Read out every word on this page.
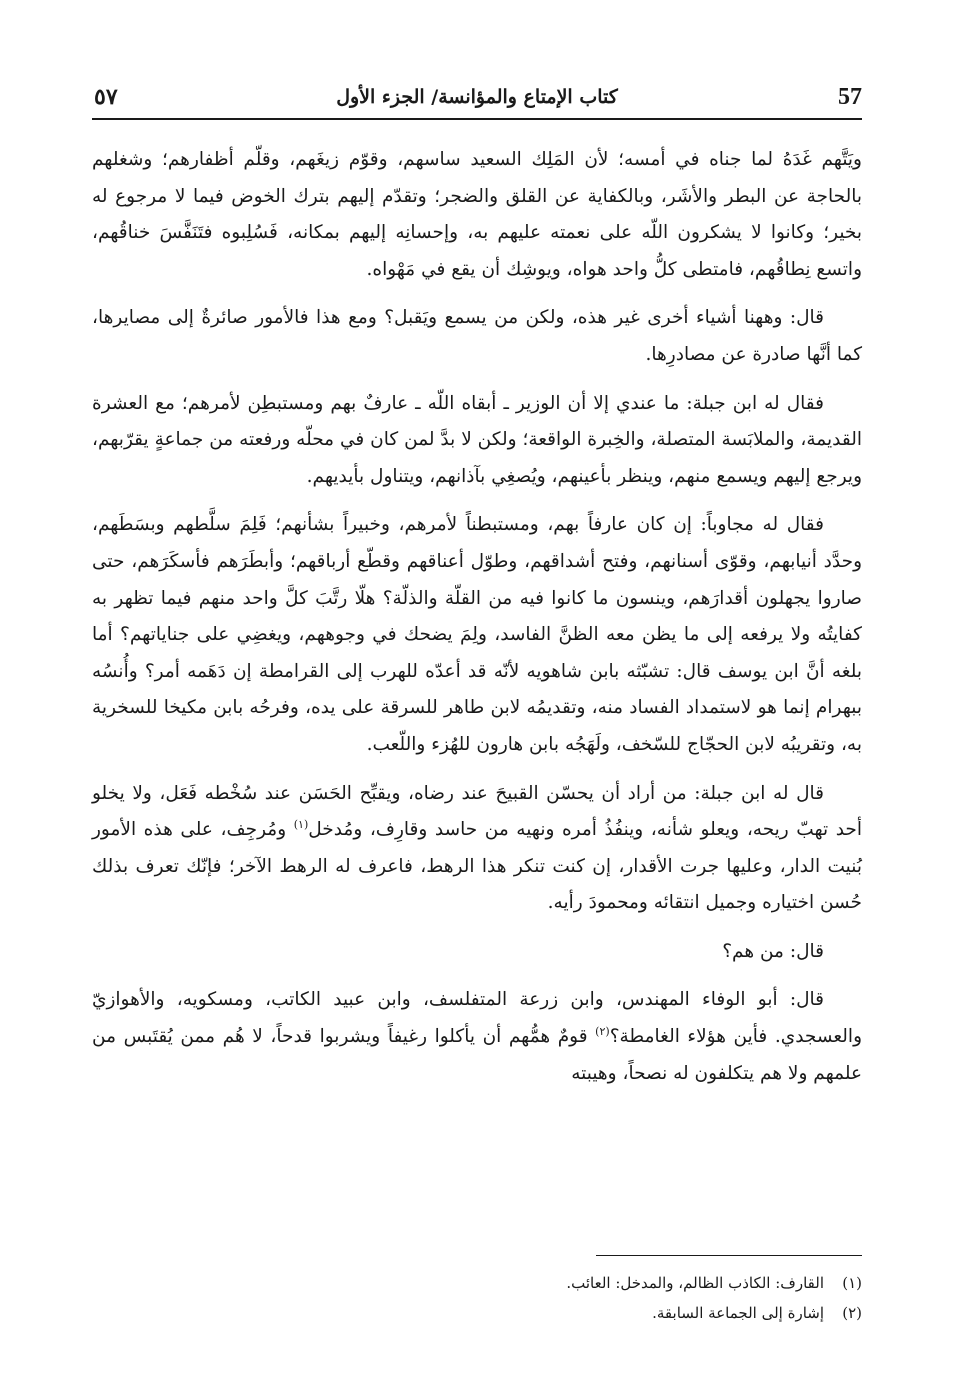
57
كتاب الإمتاع والمؤانسة/ الجزء الأول
٥٧

ويَتَّهم غَدَهُ لما جناه في أمسه؛ لأن المَلِك السعيد ساسهم، وقوّم زيغَهم، وقلّم أظفارهم؛ وشغلهم بالحاجة عن البطر والأشَر، وبالكفاية عن القلق والضجر؛ وتقدّم إليهم بترك الخوض فيما لا مرجوع له بخير؛ وكانوا لا يشكرون اللّه على نعمته عليهم به، وإحسانِه إليهم بمكانه، فَسُلِبوه فتَنَفَّسَ خناقُهم، واتسع نِطاقُهم، فامتطى كلُّ واحد هواه، ويوشِك أن يقع في مَهْواه.

قال: وههنا أشياء أخرى غير هذه، ولكن من يسمع ويَقبل؟ ومع هذا فالأمور صائرةٌ إلى مصايرها، كما أنَّها صادرة عن مصادرِها.

فقال له ابن جبلة: ما عندي إلا أن الوزير ـ أبقاه اللّه ـ عارفٌ بهم ومستبطِن لأمرهم؛ مع العشرة القديمة، والملابَسة المتصلة، والخِبرة الواقعة؛ ولكن لا بدَّ لمن كان في محلّه ورفعته من جماعةٍ يقرّبهم، ويرجع إليهم ويسمع منهم، وينظر بأعينهم، ويُصغِي بآذانهم، ويتناول بأيديهم.

فقال له مجاوباً: إن كان عارفاً بهم، ومستبطناً لأمرهم، وخبيراً بشأنهم؛ فَلِمَ سلَّطهم وبسَطَهم، وحدَّد أنيابهم، وقوّى أسنانهم، وفتح أشداقهم، وطوّل أعناقهم وقطّع أرباقهم؛ وأبطَرَهم فأسكَرَهم، حتى صاروا يجهلون أقدارَهم، وينسون ما كانوا فيه من القلّة والذلّة؟ هلّا رتَّبَ كلَّ واحد منهم فيما تظهر به كفايتُه ولا يرفعه إلى ما يظن معه الظنَّ الفاسد، ولِمَ يضحك في وجوههم، ويغضِي على جناياتهم؟ أما بلغه أنَّ ابن يوسف قال: تشبّثه بابن شاهويه لأنّه قد أعدّه للهرب إلى القرامطة إن دَهَمه أمر؟ وأُنسُه ببهرام إنما هو لاستمداد الفساد منه، وتقديمُه لابن طاهر للسرقة على يده، وفرحُه بابن مكيخا للسخرية به، وتقريبُه لابن الحجّاج للسّخف، ولَهَجُه بابن هارون للهُزء واللّعب.

قال له ابن جبلة: من أراد أن يحسّن القبيحَ عند رضاه، ويقبِّح الحَسَن عند سُخْطه فَعَل، ولا يخلو أحد تهبّ ريحه، ويعلو شأنه، وينفُذُ أمره ونهيه من حاسد وقارِف، ومُدخل$^{(١)}$ ومُرجِف، على هذه الأمور بُنيت الدار، وعليها جرت الأقدار، إن كنت تنكر هذا الرهط، فاعرف له الرهط الآخر؛ فإنّك تعرف بذلك حُسن اختياره وجميل انتقائه ومحمودَ رأيه.

قال: من هم؟

قال: أبو الوفاء المهندس، وابن زرعة المتفلسف، وابن عبيد الكاتب، ومسكويه، والأهوازيّ والعسجدي. فأين هؤلاء الغامطة؟$^{(٢)}$ قومٌ همُّهم أن يأكلوا رغيفاً ويشربوا قدحاً، لا هُم ممن يُقتَبس من علمهم ولا هم يتكلفون له نصحاً، وهيبته

(١)
القارف: الكاذب الظالم، والمدخل: العائب.
(٢)
إشارة إلى الجماعة السابقة.
